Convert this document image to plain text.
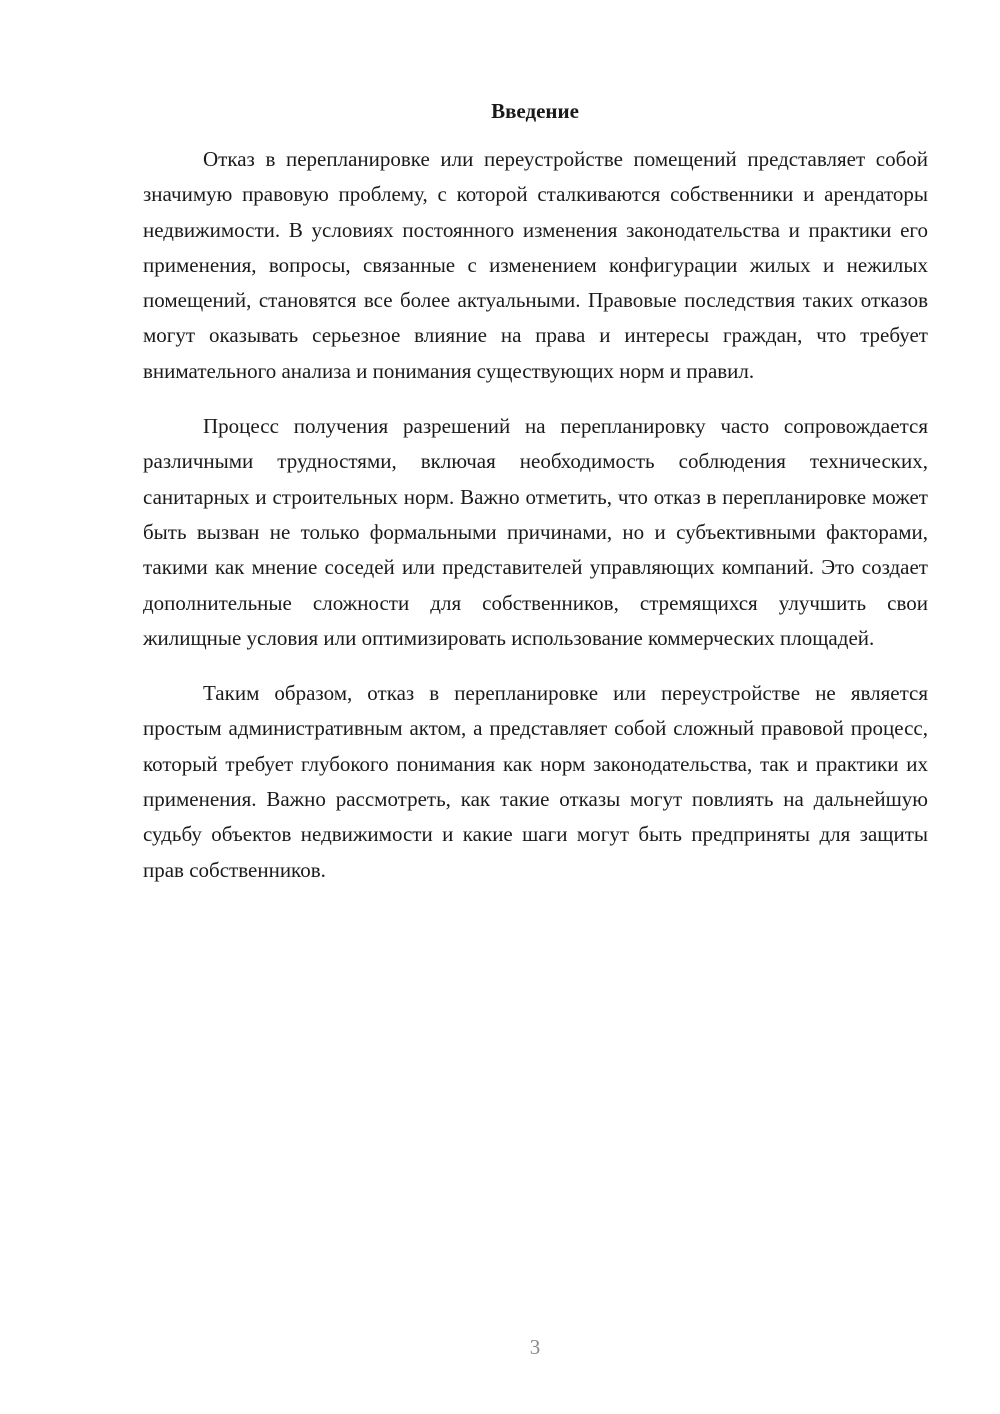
Введение

Отказ в перепланировке или переустройстве помещений представляет собой значимую правовую проблему, с которой сталкиваются собственники и арендаторы недвижимости. В условиях постоянного изменения законодательства и практики его применения, вопросы, связанные с изменением конфигурации жилых и нежилых помещений, становятся все более актуальными. Правовые последствия таких отказов могут оказывать серьезное влияние на права и интересы граждан, что требует внимательного анализа и понимания существующих норм и правил.

Процесс получения разрешений на перепланировку часто сопровождается различными трудностями, включая необходимость соблюдения технических, санитарных и строительных норм. Важно отметить, что отказ в перепланировке может быть вызван не только формальными причинами, но и субъективными факторами, такими как мнение соседей или представителей управляющих компаний. Это создает дополнительные сложности для собственников, стремящихся улучшить свои жилищные условия или оптимизировать использование коммерческих площадей.

Таким образом, отказ в перепланировке или переустройстве не является простым административным актом, а представляет собой сложный правовой процесс, который требует глубокого понимания как норм законодательства, так и практики их применения. Важно рассмотреть, как такие отказы могут повлиять на дальнейшую судьбу объектов недвижимости и какие шаги могут быть предприняты для защиты прав собственников.

3
